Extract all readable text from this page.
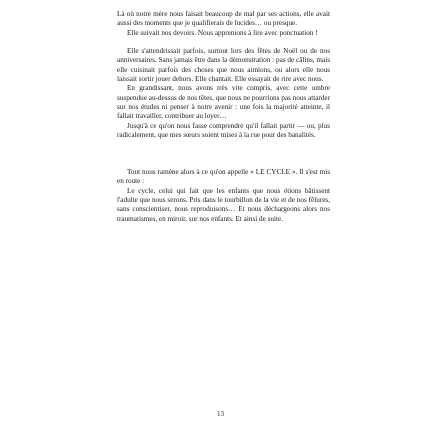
Là où notre mère nous faisait beaucoup de mal par ses actions, elle avait aussi des moments que je qualifierais de lucides… ou presque.

Elle suivait nos devoirs. Nous apprenions à lire avec ponctuation !

Elle s'attendrissait parfois, surtout lors des fêtes de Noël ou de nos anniversaires. Sans jamais être dans la démonstration : pas de câlins, mais elle cuisinait parfois des choses que nous aimions, ou alors elle nous laissait sortir jouer dehors. Elle chantait. Elle essayait de rire avec nous.

En grandissant, nous avons très vite compris, avec cette ombre suspendue au-dessus de nos têtes, que nous ne pourrions pas nous attarder sur nos études ni penser à notre avenir : une fois la majorité atteinte, il fallait travailler, contribuer au loyer…

Jusqu'à ce qu'on nous fasse comprendre qu'il fallait partir — ou, plus radicalement, que mes sœurs soient mises à la rue pour des banalités.

Tout nous ramène alors à ce qu'on appelle « LE CYCLE ». Il s'est mis en route :

Le cycle, celui qui fait que les enfants que nous étions bâtissent l'adulte que nous serons. Pris dans le tourbillon de la vie et de nos fêlures, sans conscientiser, nous reproduisons… Et nous déchargeons alors nos traumatismes, en miroir, sur nos enfants. Et ainsi de suite.

13
